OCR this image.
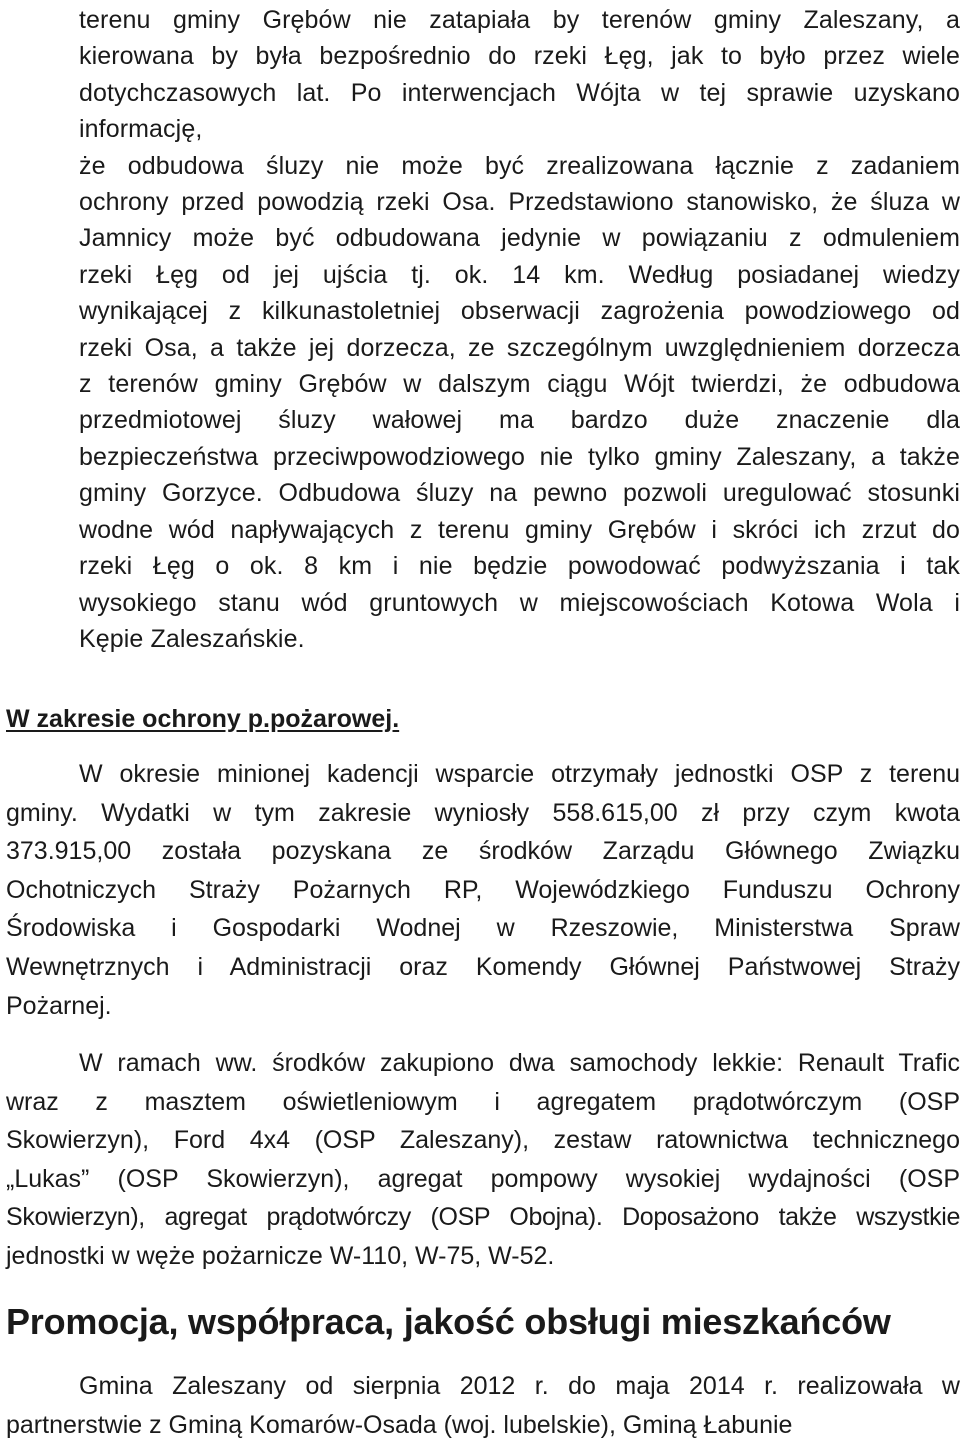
terenu gminy Grębów nie zatapiała by terenów gminy Zaleszany, a
kierowana by była bezpośrednio do rzeki Łęg, jak to było przez wiele
dotychczasowych lat. Po interwencjach Wójta w tej sprawie uzyskano
informację,
że odbudowa śluzy nie może być zrealizowana łącznie z zadaniem
ochrony przed powodzią rzeki Osa. Przedstawiono stanowisko, że śluza w
Jamnicy może być odbudowana jedynie w powiązaniu z odmuleniem
rzeki Łęg od jej ujścia tj. ok. 14 km. Według posiadanej wiedzy
wynikającej z kilkunastoletniej obserwacji zagrożenia powodziowego od
rzeki Osa, a także jej dorzecza, ze szczególnym uwzględnieniem dorzecza
z terenów gminy Grębów w dalszym ciągu Wójt twierdzi, że odbudowa
przedmiotowej śluzy wałowej ma bardzo duże znaczenie dla
bezpieczeństwa przeciwpowodziowego nie tylko gminy Zaleszany, a także
gminy Gorzyce. Odbudowa śluzy na pewno pozwoli uregulować stosunki
wodne wód napływających z terenu gminy Grębów i skróci ich zrzut do
rzeki Łęg o ok. 8 km i nie będzie powodować podwyższania i tak
wysokiego stanu wód gruntowych w miejscowościach Kotowa Wola i
Kępie Zaleszańskie.
W zakresie ochrony p.pożarowej.
W okresie minionej kadencji wsparcie otrzymały jednostki OSP z terenu
gminy. Wydatki w tym zakresie wyniosły 558.615,00 zł przy czym kwota
373.915,00 została pozyskana ze środków Zarządu Głównego Związku
Ochotniczych Straży Pożarnych RP, Wojewódzkiego Funduszu Ochrony
Środowiska i Gospodarki Wodnej w Rzeszowie, Ministerstwa Spraw
Wewnętrznych i Administracji oraz Komendy Głównej Państwowej Straży
Pożarnej.
W ramach ww. środków zakupiono dwa samochody lekkie: Renault Trafic
wraz z masztem oświetleniowym i agregatem prądotwórczym (OSP
Skowierzyn), Ford 4x4 (OSP Zaleszany), zestaw ratownictwa technicznego
„Lukas” (OSP Skowierzyn), agregat pompowy wysokiej wydajności (OSP
Skowierzyn), agregat prądotwórczy (OSP Obojna). Doposażono także wszystkie
jednostki w węże pożarnicze W-110, W-75, W-52.
Promocja, współpraca, jakość obsługi mieszkańców
Gmina Zaleszany od sierpnia 2012 r. do maja 2014 r. realizowała w
partnerstwie z Gminą Komarów-Osada (woj. lubelskie), Gminą Łabunie
